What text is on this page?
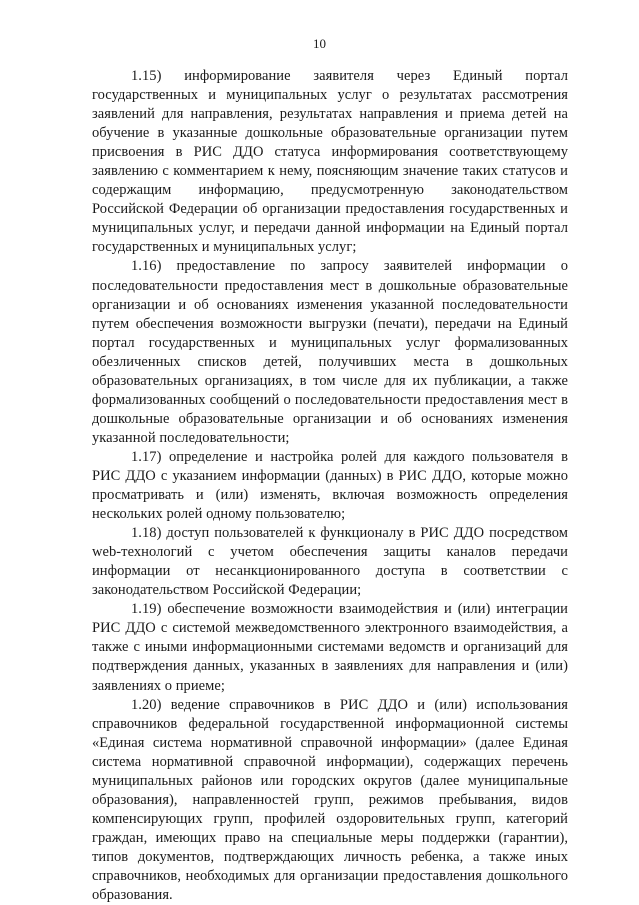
10

1.15)    информирование    заявителя    через    Единый    портал государственных и муниципальных услуг о результатах рассмотрения заявлений для направления, результатах направления и приема детей на обучение в указанные дошкольные образовательные организации путем присвоения в РИС ДДО статуса информирования соответствующему заявлению с комментарием к нему, поясняющим значение таких статусов и содержащим информацию, предусмотренную законодательством Российской Федерации об организации предоставления государственных и муниципальных услуг, и передачи данной информации на Единый портал государственных и муниципальных услуг;

1.16) предоставление по запросу заявителей информации о последовательности предоставления мест в дошкольные образовательные организации и об основаниях изменения указанной последовательности путем обеспечения возможности выгрузки (печати), передачи на Единый портал государственных и муниципальных услуг формализованных обезличенных списков детей, получивших места в дошкольных образовательных организациях, в том числе для их публикации, а также формализованных сообщений о последовательности предоставления мест в дошкольные образовательные организации и об основаниях изменения указанной последовательности;

1.17) определение и настройка ролей для каждого пользователя в РИС ДДО с указанием информации (данных) в РИС ДДО, которые можно просматривать и (или) изменять, включая возможность определения нескольких ролей одному пользователю;

1.18) доступ пользователей к функционалу в РИС ДДО посредством web-технологий с учетом обеспечения защиты каналов передачи информации от несанкционированного доступа в соответствии с законодательством Российской Федерации;

1.19) обеспечение возможности взаимодействия и (или) интеграции РИС ДДО с системой межведомственного электронного взаимодействия, а также с иными информационными системами ведомств и организаций для подтверждения данных, указанных в заявлениях для направления и (или) заявлениях о приеме;

1.20) ведение справочников в РИС ДДО и (или) использования справочников федеральной государственной информационной системы «Единая система нормативной справочной информации» (далее Единая система нормативной справочной информации), содержащих перечень муниципальных районов или городских округов (далее муниципальные образования), направленностей групп, режимов пребывания, видов компенсирующих групп, профилей оздоровительных групп, категорий граждан, имеющих право на специальные меры поддержки (гарантии), типов документов, подтверждающих личность ребенка, а также иных справочников, необходимых для организации предоставления дошкольного образования.
